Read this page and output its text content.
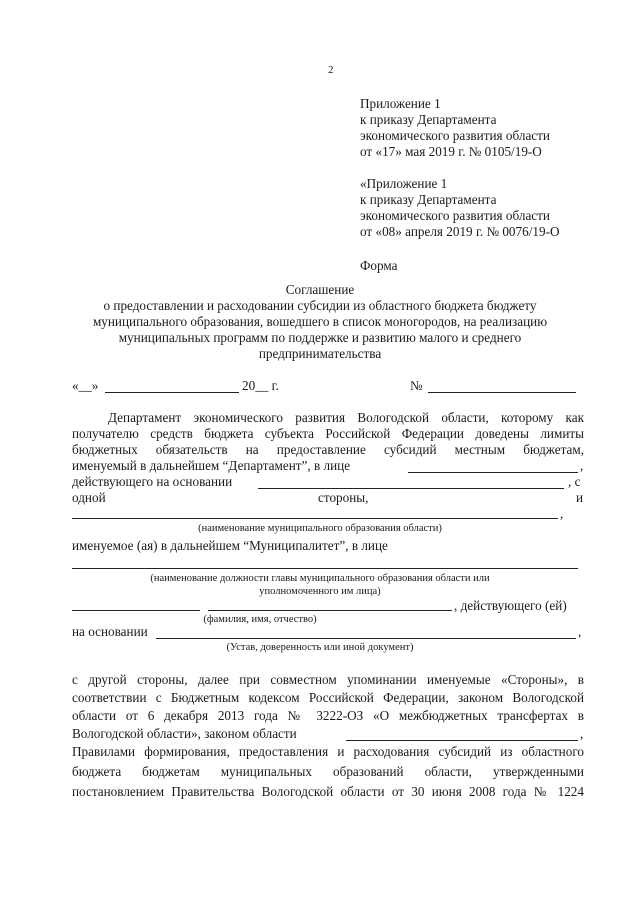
2
Приложение 1
к приказу Департамента
экономического развития области
от «17» мая 2019 г. № 0105/19-О
«Приложение 1
к приказу Департамента
экономического развития области
от «08» апреля 2019 г. № 0076/19-О
Форма
Соглашение
о предоставлении и расходовании субсидии из областного бюджета бюджету
муниципального образования, вошедшего в список моногородов, на реализацию
муниципальных программ по поддержке и развитию малого и среднего
предпринимательства
«__»	20__ г.	№
Департамент экономического развития Вологодской области, которому как
получателю средств бюджета субъекта Российской Федерации доведены лимиты
бюджетных обязательств на предоставление субсидий местным бюджетам,
именуемый в дальнейшем “Департамент”, в лице	,
действующего на основании	, с
одной	стороны,	и
,
(наименование муниципального образования области)
именуемое (ая) в дальнейшем “Муниципалитет”, в лице
(наименование должности главы муниципального образования области или
уполномоченного им лица)
, действующего (ей)
(фамилия, имя, отчество)
на основании	,
(Устав, доверенность или иной документ)
с другой стороны, далее при совместном упоминании именуемые «Стороны», в
соответствии с Бюджетным кодексом Российской Федерации, законом Вологодской
области от 6 декабря 2013 года № 3222-ОЗ «О межбюджетных трансфертах в
Вологодской области», законом области	,
Правилами формирования, предоставления и расходования субсидий из областного
бюджета бюджетам муниципальных образований области, утвержденными
постановлением Правительства Вологодской области от 30 июня 2008 года № 1224
